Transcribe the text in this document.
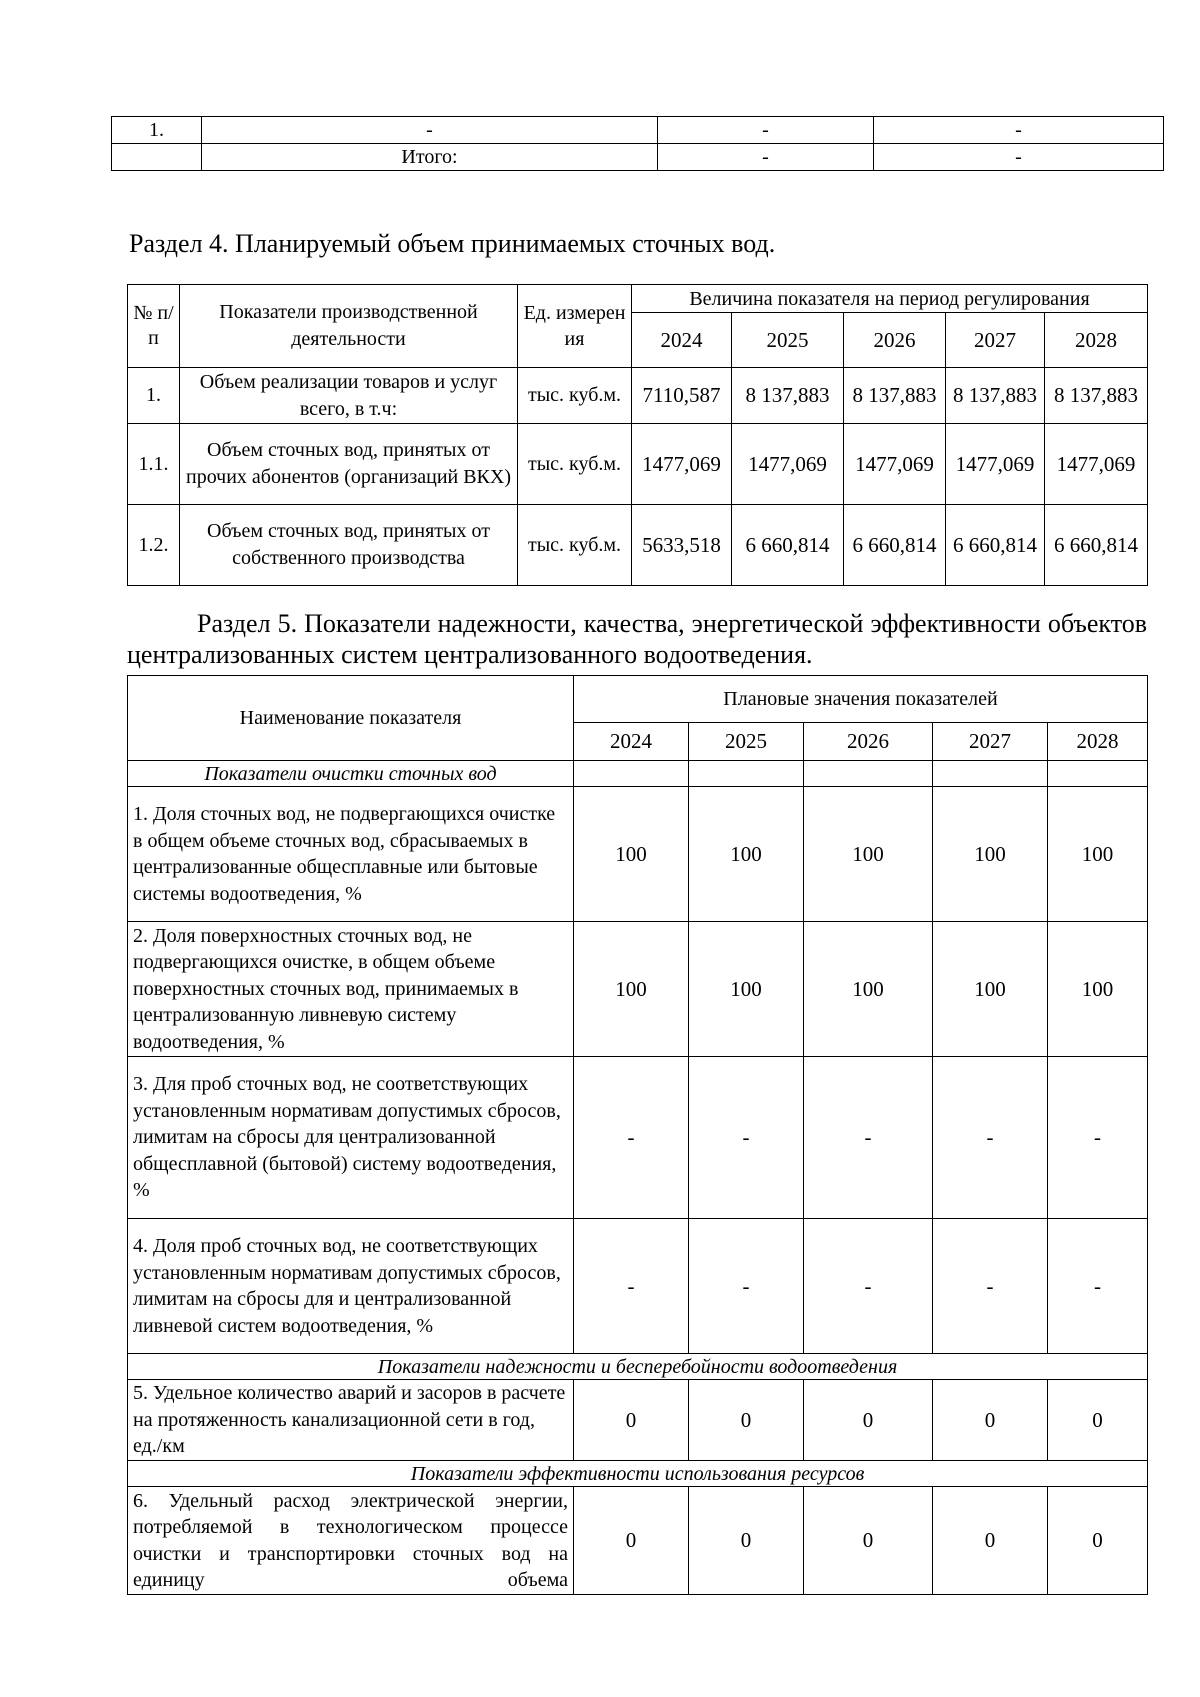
1.	-	-	-
	Итого:	-	-
Раздел 4. Планируемый объем принимаемых сточных вод.
№ п/п	Показатели производственной деятельности	Ед. измерен ия	Величина показателя на период регулирования				
			2024	2025	2026	2027	2028
1.	Объем реализации товаров и услуг всего, в т.ч:	тыс. куб.м.	7110,587	8 137,883	8 137,883	8 137,883	8 137,883
1.1.	Объем сточных вод, принятых от прочих абонентов (организаций ВКХ)	тыс. куб.м.	1477,069	1477,069	1477,069	1477,069	1477,069
1.2.	Объем сточных вод, принятых от собственного производства	тыс. куб.м.	5633,518	6 660,814	6 660,814	6 660,814	6 660,814
Раздел 5. Показатели надежности, качества, энергетической эффективности объектов централизованных систем централизованного водоотведения.
Наименование показателя	Плановые значения показателей				
	2024	2025	2026	2027	2028
Показатели очистки сточных вод					
1. Доля сточных вод, не подвергающихся очистке в общем объеме сточных вод, сбрасываемых в централизованные общесплавные или бытовые системы водоотведения, %	100	100	100	100	100
2. Доля поверхностных сточных вод, не подвергающихся очистке, в общем объеме поверхностных сточных вод, принимаемых в централизованную ливневую систему водоотведения, %	100	100	100	100	100
3. Для проб сточных вод, не соответствующих установленным нормативам допустимых сбросов, лимитам на сбросы для централизованной общесплавной (бытовой) систему водоотведения, %	-	-	-	-	-
4. Доля проб сточных вод, не соответствующих установленным нормативам допустимых сбросов, лимитам на сбросы для и централизованной ливневой систем водоотведения, %	-	-	-	-	-
Показатели надежности и бесперебойности водоотведения					
5. Удельное количество аварий и засоров в расчете на протяженность канализационной сети в год, ед./км	0	0	0	0	0
Показатели эффективности использования ресурсов					
6. Удельный расход электрической энергии, потребляемой в технологическом процессе очистки и транспортировки сточных вод на единицу объема	0	0	0	0	0
